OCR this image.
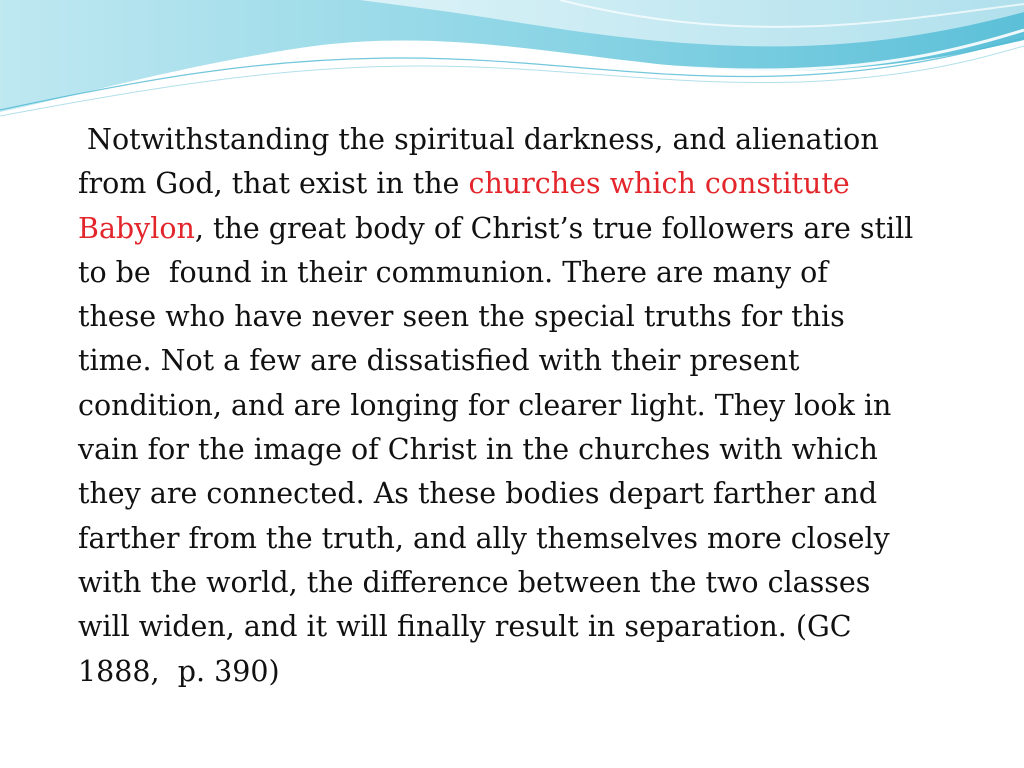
Notwithstanding the spiritual darkness, and alienation
from God, that exist in the churches which constitute
Babylon, the great body of Christ’s true followers are still
to be  found in their communion. There are many of
these who have never seen the special truths for this
time. Not a few are dissatisfied with their present
condition, and are longing for clearer light. They look in
vain for the image of Christ in the churches with which
they are connected. As these bodies depart farther and
farther from the truth, and ally themselves more closely
with the world, the difference between the two classes
will widen, and it will finally result in separation. (GC
1888,  p. 390)
